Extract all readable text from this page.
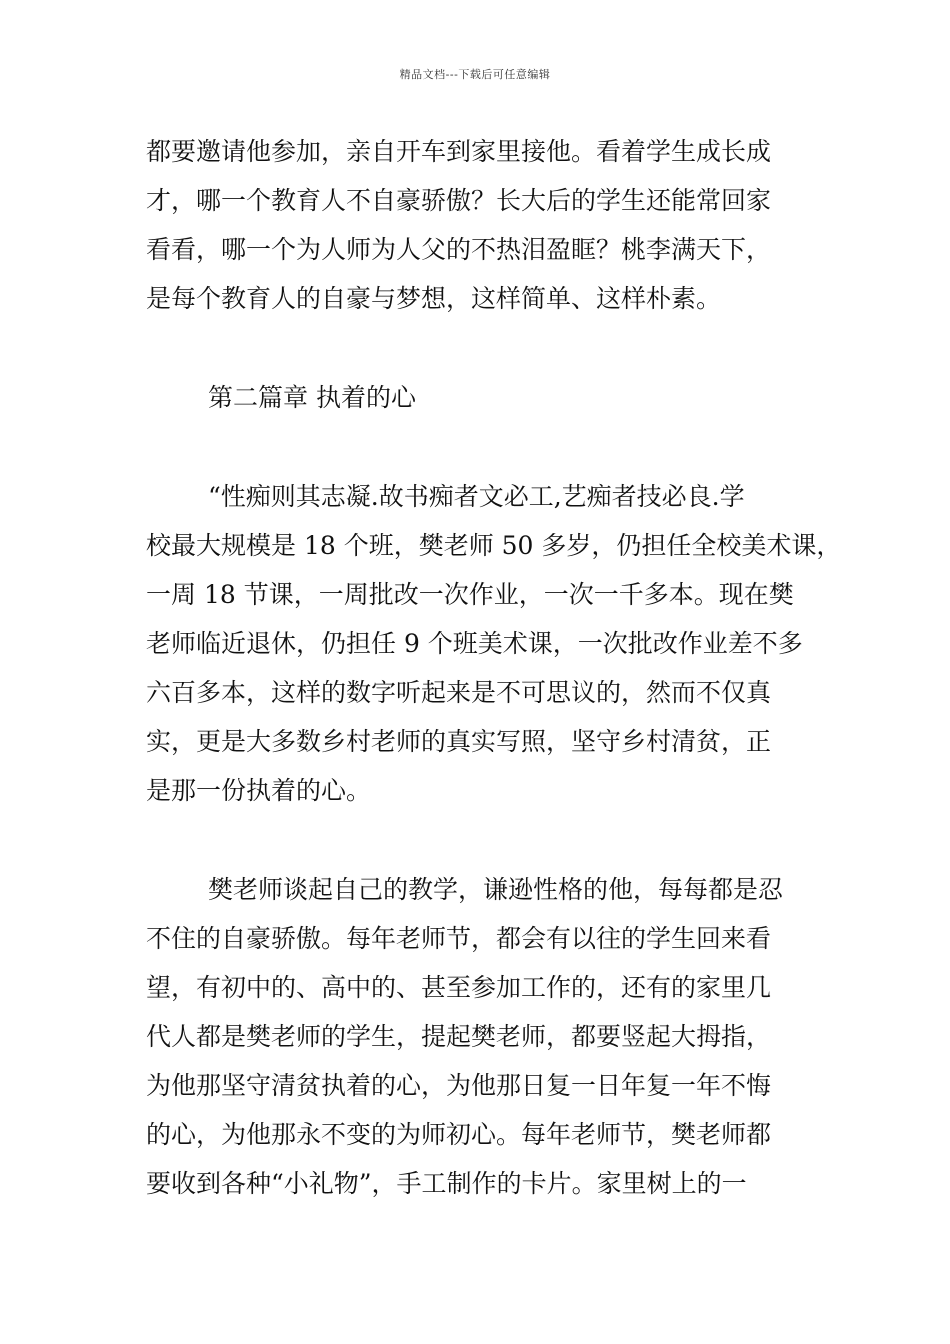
精品文档---下载后可任意编辑
都要邀请他参加，亲自开车到家里接他。看着学生成长成
才，哪一个教育人不自豪骄傲？长大后的学生还能常回家
看看，哪一个为人师为人父的不热泪盈眶？桃李满天下，
是每个教育人的自豪与梦想，这样简单、这样朴素。
第二篇章 执着的心
“性痴则其志凝.故书痴者文必工,艺痴者技必良.学
校最大规模是 18 个班，樊老师 50 多岁，仍担任全校美术课，
一周 18 节课，一周批改一次作业，一次一千多本。现在樊
老师临近退休，仍担任 9 个班美术课，一次批改作业差不多
六百多本，这样的数字听起来是不可思议的，然而不仅真
实，更是大多数乡村老师的真实写照，坚守乡村清贫，正
是那一份执着的心。
樊老师谈起自己的教学，谦逊性格的他，每每都是忍
不住的自豪骄傲。每年老师节，都会有以往的学生回来看
望，有初中的、高中的、甚至参加工作的，还有的家里几
代人都是樊老师的学生，提起樊老师，都要竖起大拇指，
为他那坚守清贫执着的心，为他那日复一日年复一年不悔
的心，为他那永不变的为师初心。每年老师节，樊老师都
要收到各种“小礼物”，手工制作的卡片。家里树上的一
